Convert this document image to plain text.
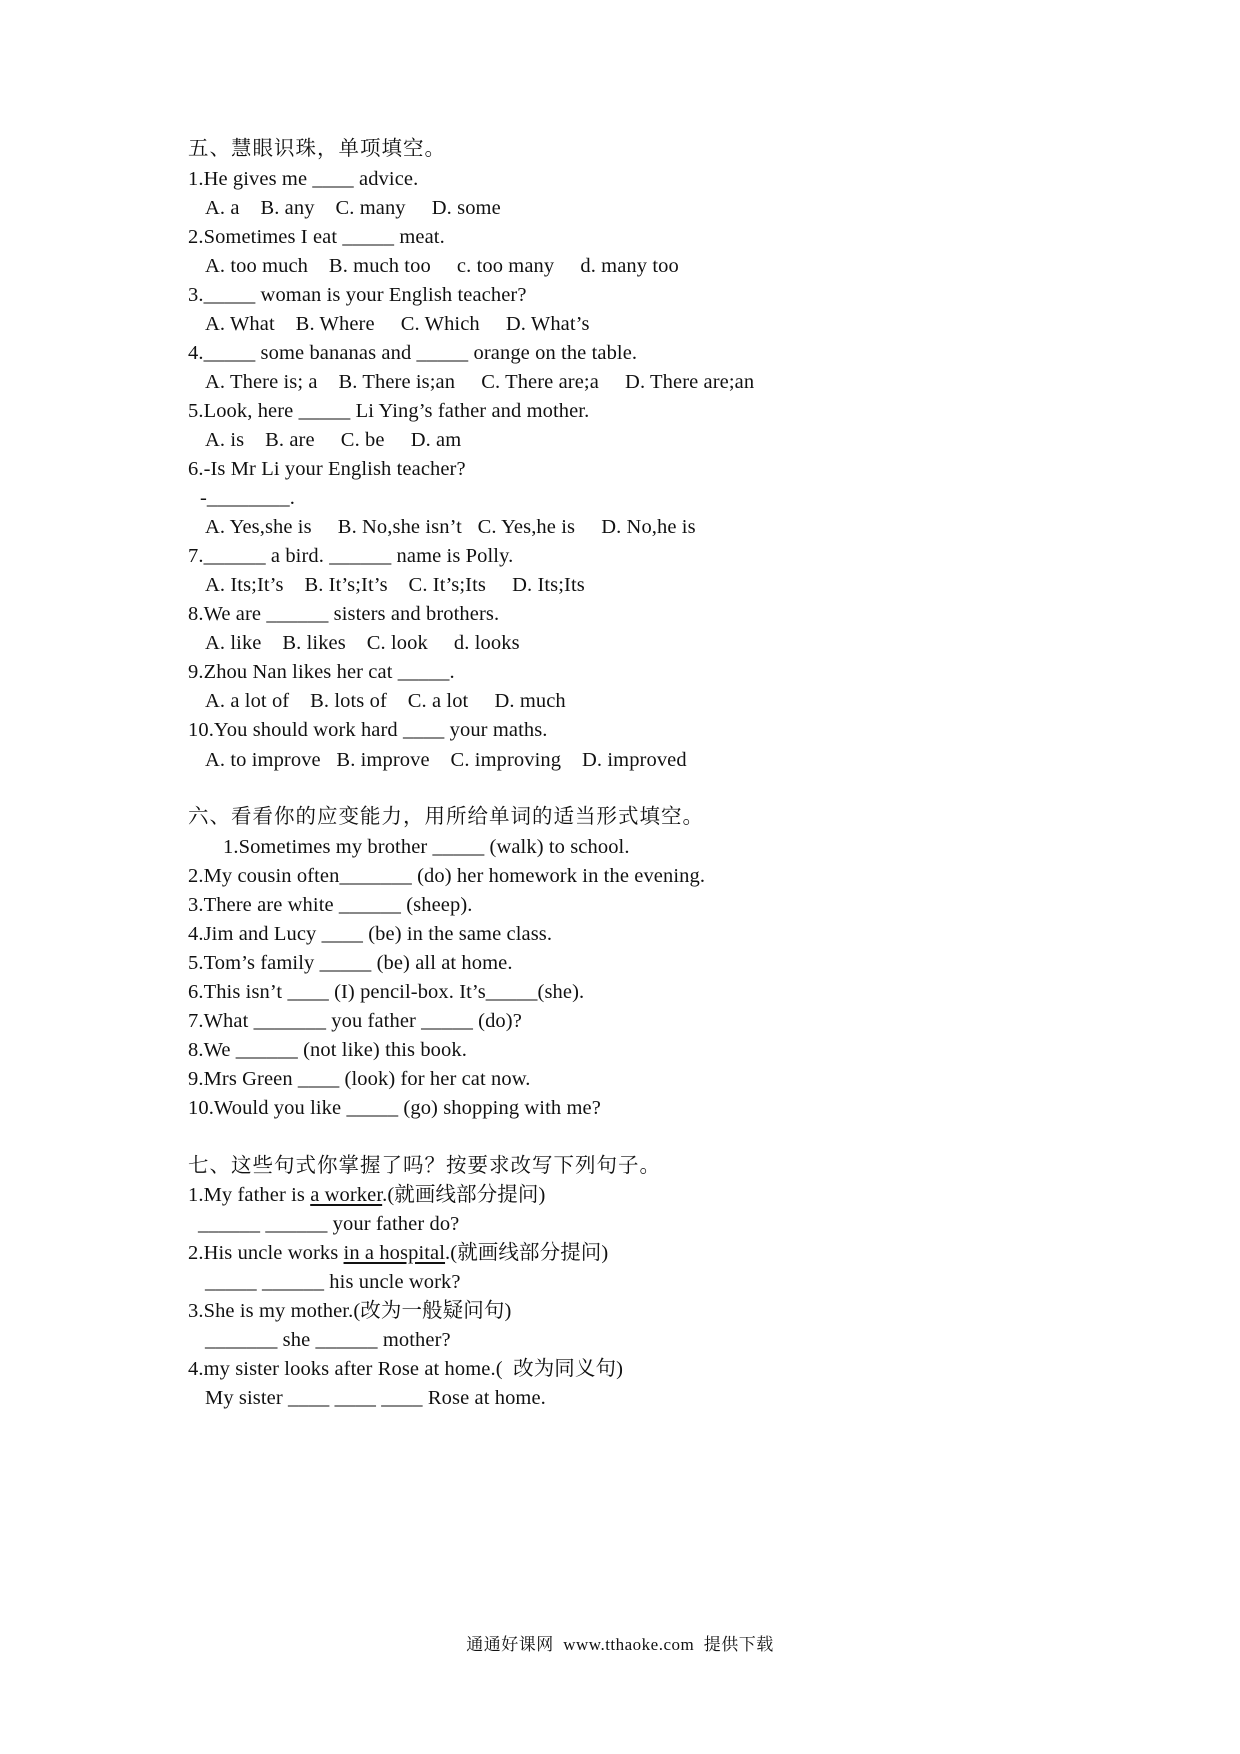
五、慧眼识珠，单项填空。
1.He gives me ____ advice.
A. a    B. any    C. many     D. some
2.Sometimes I eat _____ meat.
A. too much    B. much too     c. too many     d. many too
3._____ woman is your English teacher?
A. What    B. Where     C. Which     D. What’s
4._____ some bananas and _____ orange on the table.
A. There is; a    B. There is;an     C. There are;a     D. There are;an
5.Look, here _____ Li Ying’s father and mother.
A. is    B. are     C. be     D. am
6.-Is Mr Li your English teacher?
-________.
A. Yes,she is     B. No,she isn’t   C. Yes,he is     D. No,he is
7.______ a bird. ______ name is Polly.
A. Its;It’s    B. It’s;It’s    C. It’s;Its     D. Its;Its
8.We are ______ sisters and brothers.
A. like    B. likes    C. look     d. looks
9.Zhou Nan likes her cat _____.
A. a lot of    B. lots of    C. a lot     D. much
10.You should work hard ____ your maths.
A. to improve   B. improve    C. improving    D. improved
六、看看你的应变能力，用所给单词的适当形式填空。
1.Sometimes my brother _____ (walk) to school.
2.My cousin often_______ (do) her homework in the evening.
3.There are white ______ (sheep).
4.Jim and Lucy ____ (be) in the same class.
5.Tom’s family _____ (be) all at home.
6.This isn’t ____ (I) pencil-box. It’s_____(she).
7.What _______ you father _____ (do)?
8.We ______ (not like) this book.
9.Mrs Green ____ (look) for her cat now.
10.Would you like _____ (go) shopping with me?
七、这些句式你掌握了吗？按要求改写下列句子。
1.My father is a worker.(就画线部分提问)
______ ______ your father do?
2.His uncle works in a hospital.(就画线部分提问)
_____ ______ his uncle work?
3.She is my mother.(改为一般疑问句)
_______ she ______ mother?
4.my sister looks after Rose at home.(  改为同义句)
My sister ____ ____ ____ Rose at home.
通通好课网  www.tthaoke.com  提供下载
